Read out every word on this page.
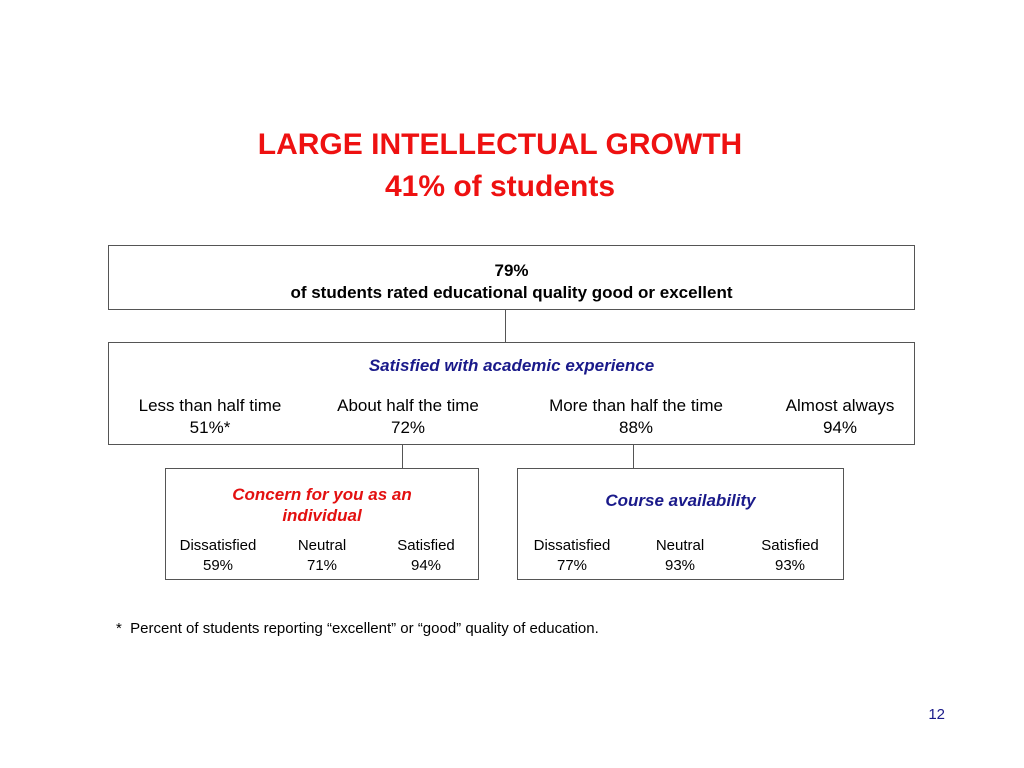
LARGE INTELLECTUAL GROWTH
41% of students
79%
of students rated educational quality good or excellent
Satisfied with academic experience
Less than half time
51%*
About half the time
72%
More than half the time
88%
Almost always
94%
Concern for you as an
individual
Dissatisfied
59%
Neutral
71%
Satisfied
94%
Course availability
Dissatisfied
77%
Neutral
93%
Satisfied
93%
*  Percent of students reporting “excellent” or “good” quality of education.
12
